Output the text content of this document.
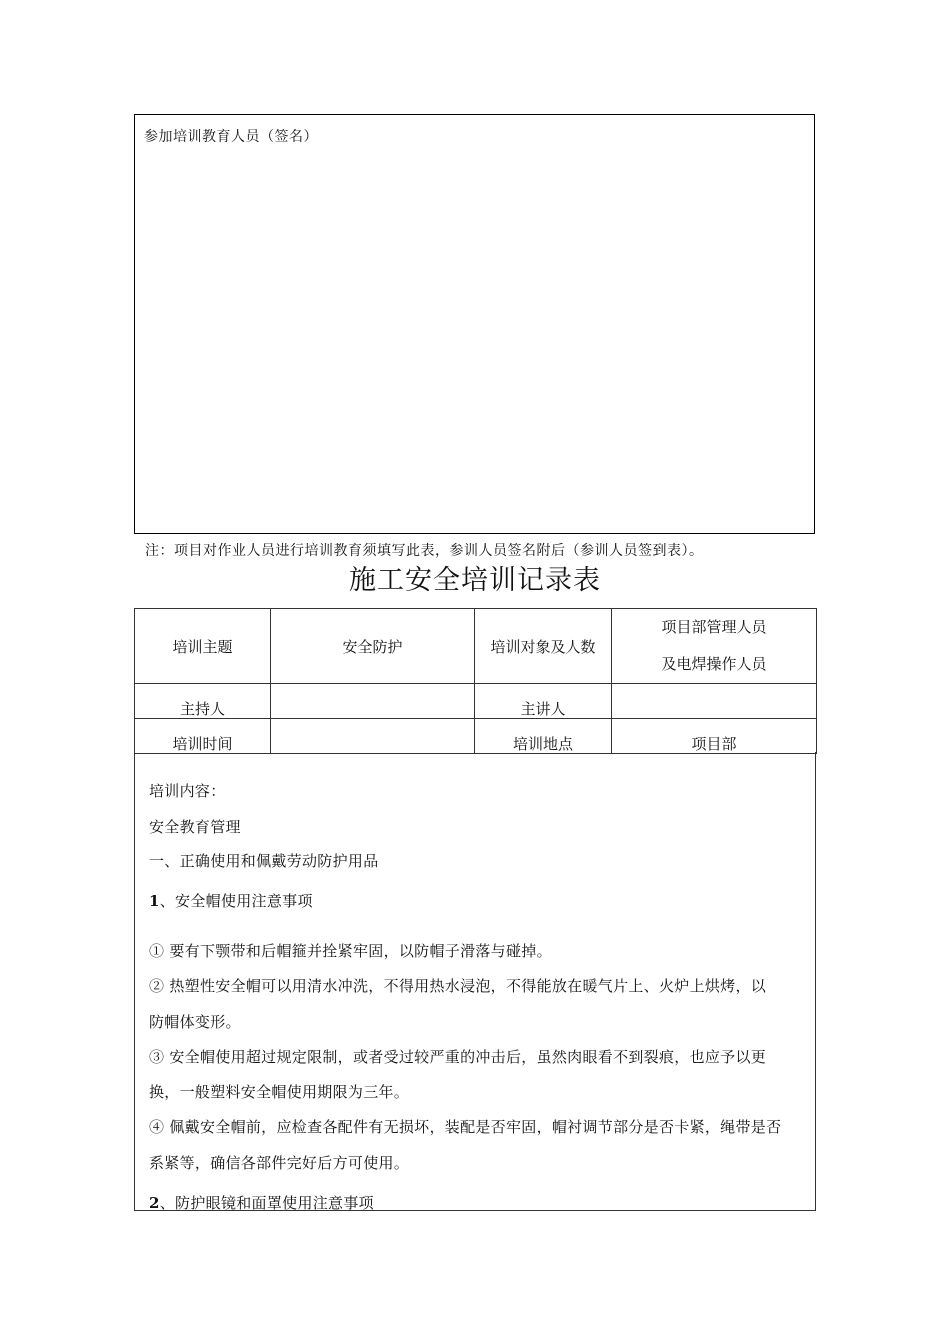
参加培训教育人员（签名）
注：项目对作业人员进行培训教育须填写此表，参训人员签名附后（参训人员签到表）。
施工安全培训记录表
培训主题	安全防护	培训对象及人数	项目部管理人员
及电焊操作人员

主持人		主讲人	
培训时间		培训地点	项目部
培训内容：
安全教育管理
一、正确使用和佩戴劳动防护用品
1、安全帽使用注意事项
① 要有下颚带和后帽箍并拴紧牢固，以防帽子滑落与碰掉。
② 热塑性安全帽可以用清水冲洗，不得用热水浸泡，不得能放在暖气片上、火炉上烘烤，以
防帽体变形。
③ 安全帽使用超过规定限制，或者受过较严重的冲击后，虽然肉眼看不到裂痕，也应予以更
换，一般塑料安全帽使用期限为三年。
④ 佩戴安全帽前，应检查各配件有无损坏，装配是否牢固，帽衬调节部分是否卡紧，绳带是否
系紧等，确信各部件完好后方可使用。
2、防护眼镜和面罩使用注意事项
